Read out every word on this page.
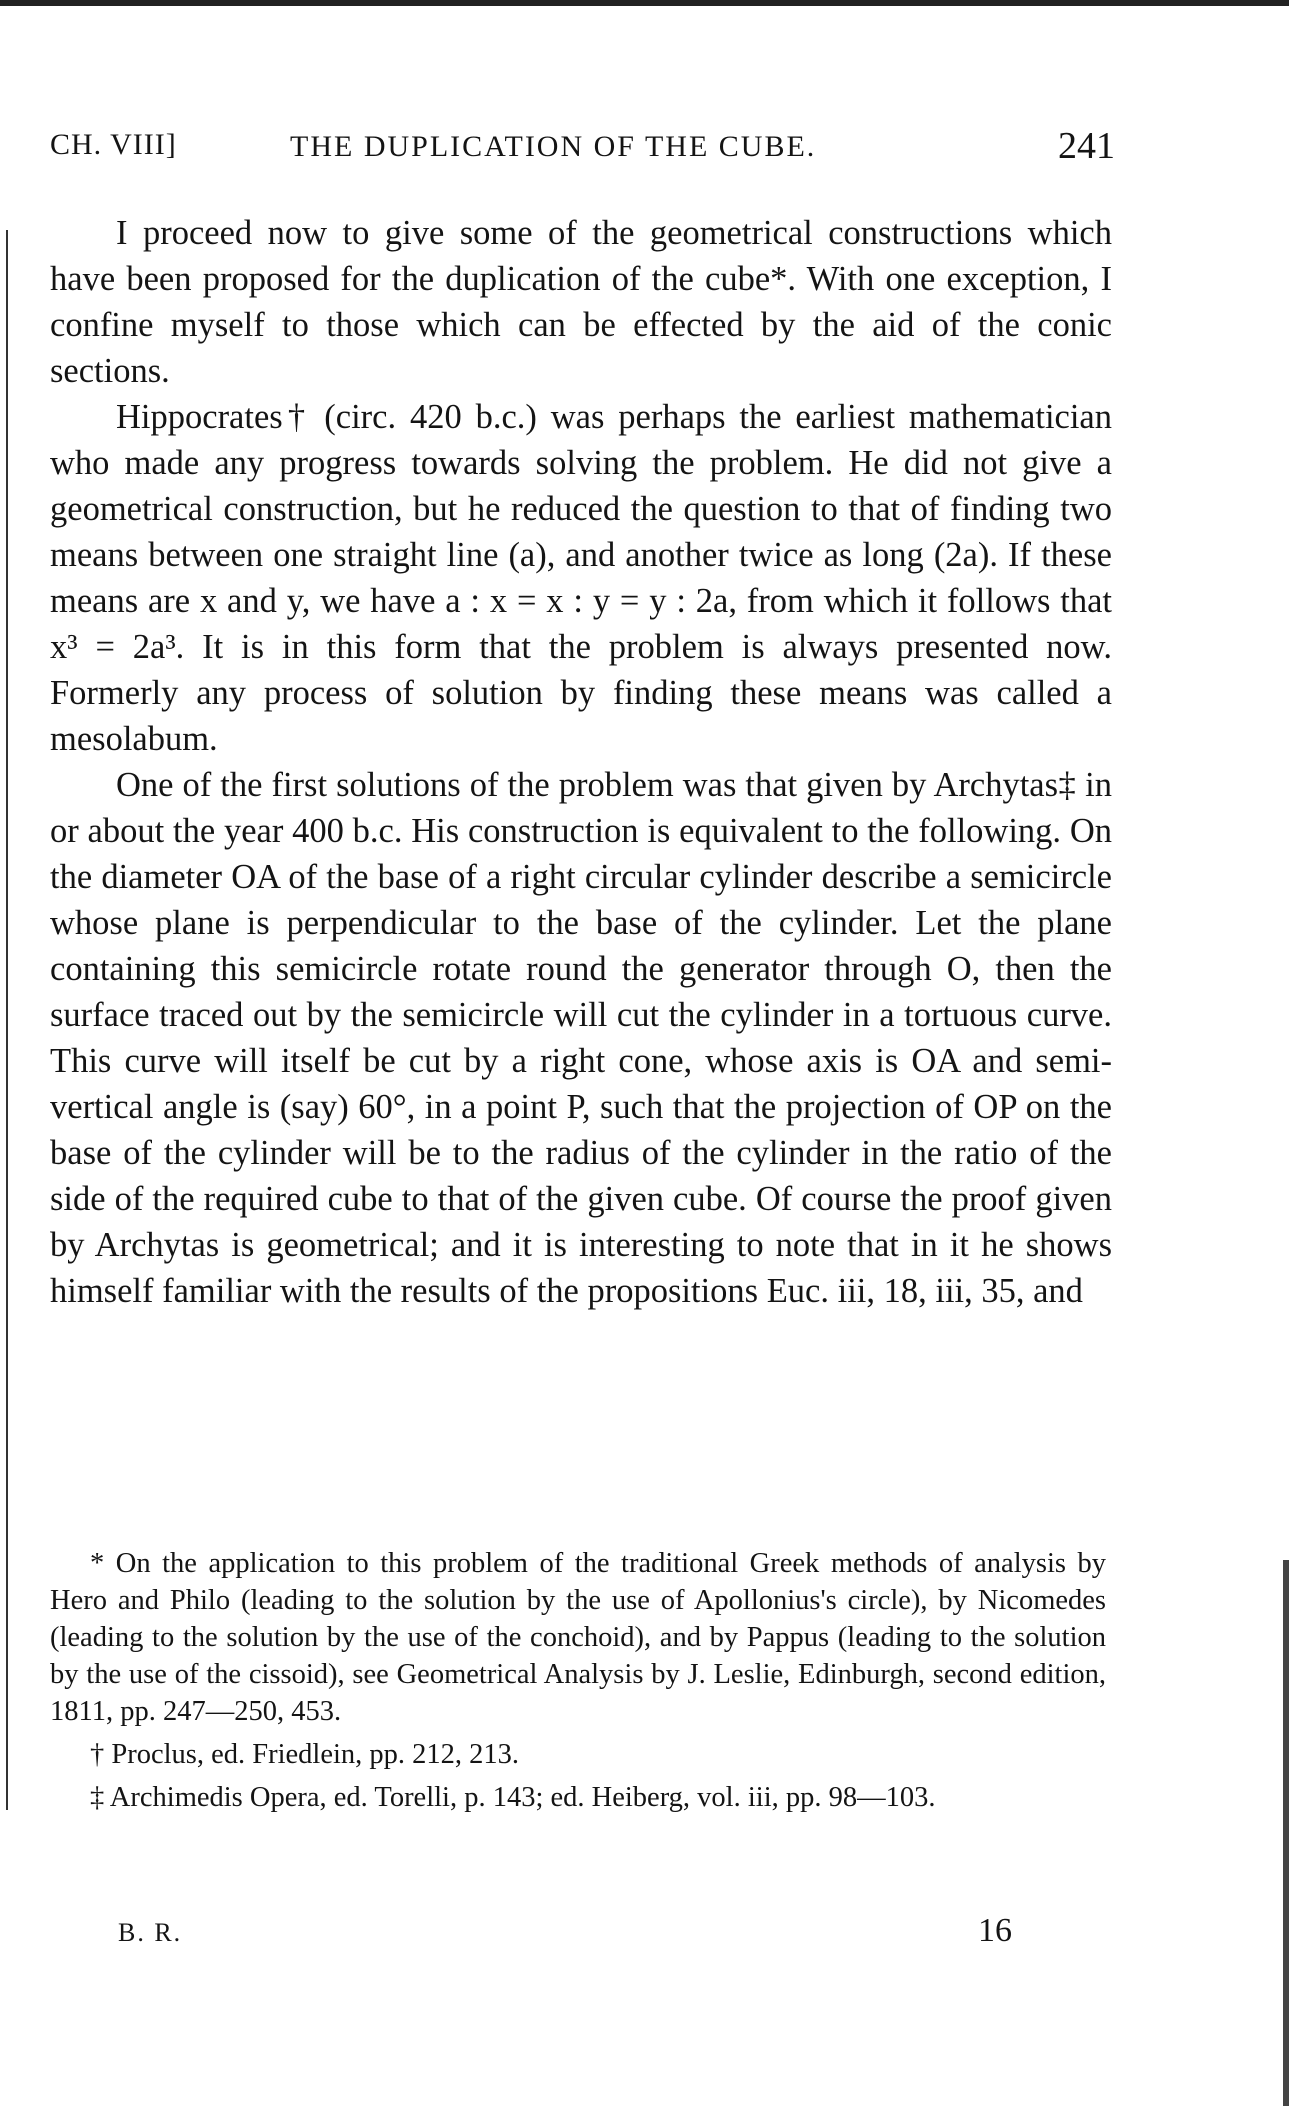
CH. VIII]	THE DUPLICATION OF THE CUBE.	241

I proceed now to give some of the geometrical constructions which have been proposed for the duplication of the cube*. With one exception, I confine myself to those which can be effected by the aid of the conic sections.

Hippocrates† (circ. 420 b.c.) was perhaps the earliest mathematician who made any progress towards solving the problem. He did not give a geometrical construction, but he reduced the question to that of finding two means between one straight line (a), and another twice as long (2a). If these means are x and y, we have a : x = x : y = y : 2a, from which it follows that x³ = 2a³. It is in this form that the problem is always presented now. Formerly any process of solution by finding these means was called a mesolabum.

One of the first solutions of the problem was that given by Archytas‡ in or about the year 400 b.c. His construction is equivalent to the following. On the diameter OA of the base of a right circular cylinder describe a semicircle whose plane is perpendicular to the base of the cylinder. Let the plane containing this semicircle rotate round the generator through O, then the surface traced out by the semicircle will cut the cylinder in a tortuous curve. This curve will itself be cut by a right cone, whose axis is OA and semi-vertical angle is (say) 60°, in a point P, such that the projection of OP on the base of the cylinder will be to the radius of the cylinder in the ratio of the side of the required cube to that of the given cube. Of course the proof given by Archytas is geometrical; and it is interesting to note that in it he shows himself familiar with the results of the propositions Euc. iii, 18, iii, 35, and

* On the application to this problem of the traditional Greek methods of analysis by Hero and Philo (leading to the solution by the use of Apollonius's circle), by Nicomedes (leading to the solution by the use of the conchoid), and by Pappus (leading to the solution by the use of the cissoid), see Geometrical Analysis by J. Leslie, Edinburgh, second edition, 1811, pp. 247—250, 453.

† Proclus, ed. Friedlein, pp. 212, 213.

‡ Archimedis Opera, ed. Torelli, p. 143; ed. Heiberg, vol. iii, pp. 98—103.

B. R.	16
